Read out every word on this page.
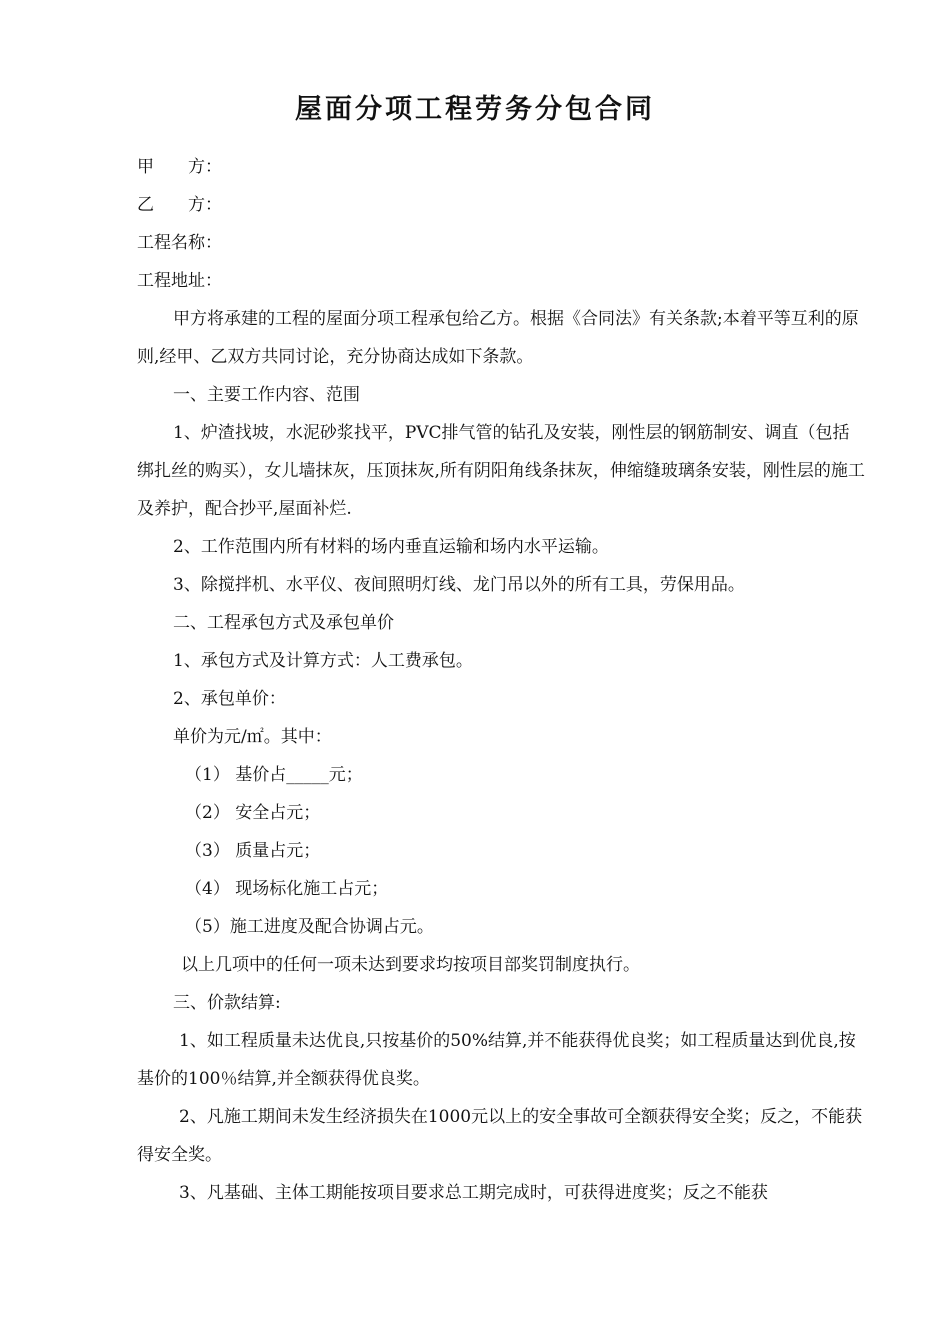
屋面分项工程劳务分包合同

甲　　方：

乙　　方：

工程名称：

工程地址：

甲方将承建的工程的屋面分项工程承包给乙方。根据《合同法》有关条款;本着平等互利的原则,经甲、乙双方共同讨论，充分协商达成如下条款。

一、主要工作内容、范围

1、炉渣找坡，水泥砂浆找平，PVC排气管的钻孔及安装，刚性层的钢筋制安、调直（包括绑扎丝的购买），女儿墙抹灰，压顶抹灰,所有阴阳角线条抹灰，伸缩缝玻璃条安装，刚性层的施工及养护，配合抄平,屋面补烂.

2、工作范围内所有材料的场内垂直运输和场内水平运输。

3、除搅拌机、水平仪、夜间照明灯线、龙门吊以外的所有工具，劳保用品。

二、工程承包方式及承包单价

1、承包方式及计算方式：人工费承包。

2、承包单价：

单价为元/㎡。其中：

（1） 基价占_____元；

（2） 安全占元；

（3） 质量占元；

（4） 现场标化施工占元；

（5）施工进度及配合协调占元。

以上几项中的任何一项未达到要求均按项目部奖罚制度执行。

三、价款结算:

1、如工程质量未达优良,只按基价的50%结算,并不能获得优良奖；如工程质量达到优良,按基价的100％结算,并全额获得优良奖。

2、凡施工期间未发生经济损失在1000元以上的安全事故可全额获得安全奖；反之，不能获得安全奖。

3、凡基础、主体工期能按项目要求总工期完成时，可获得进度奖；反之不能获
